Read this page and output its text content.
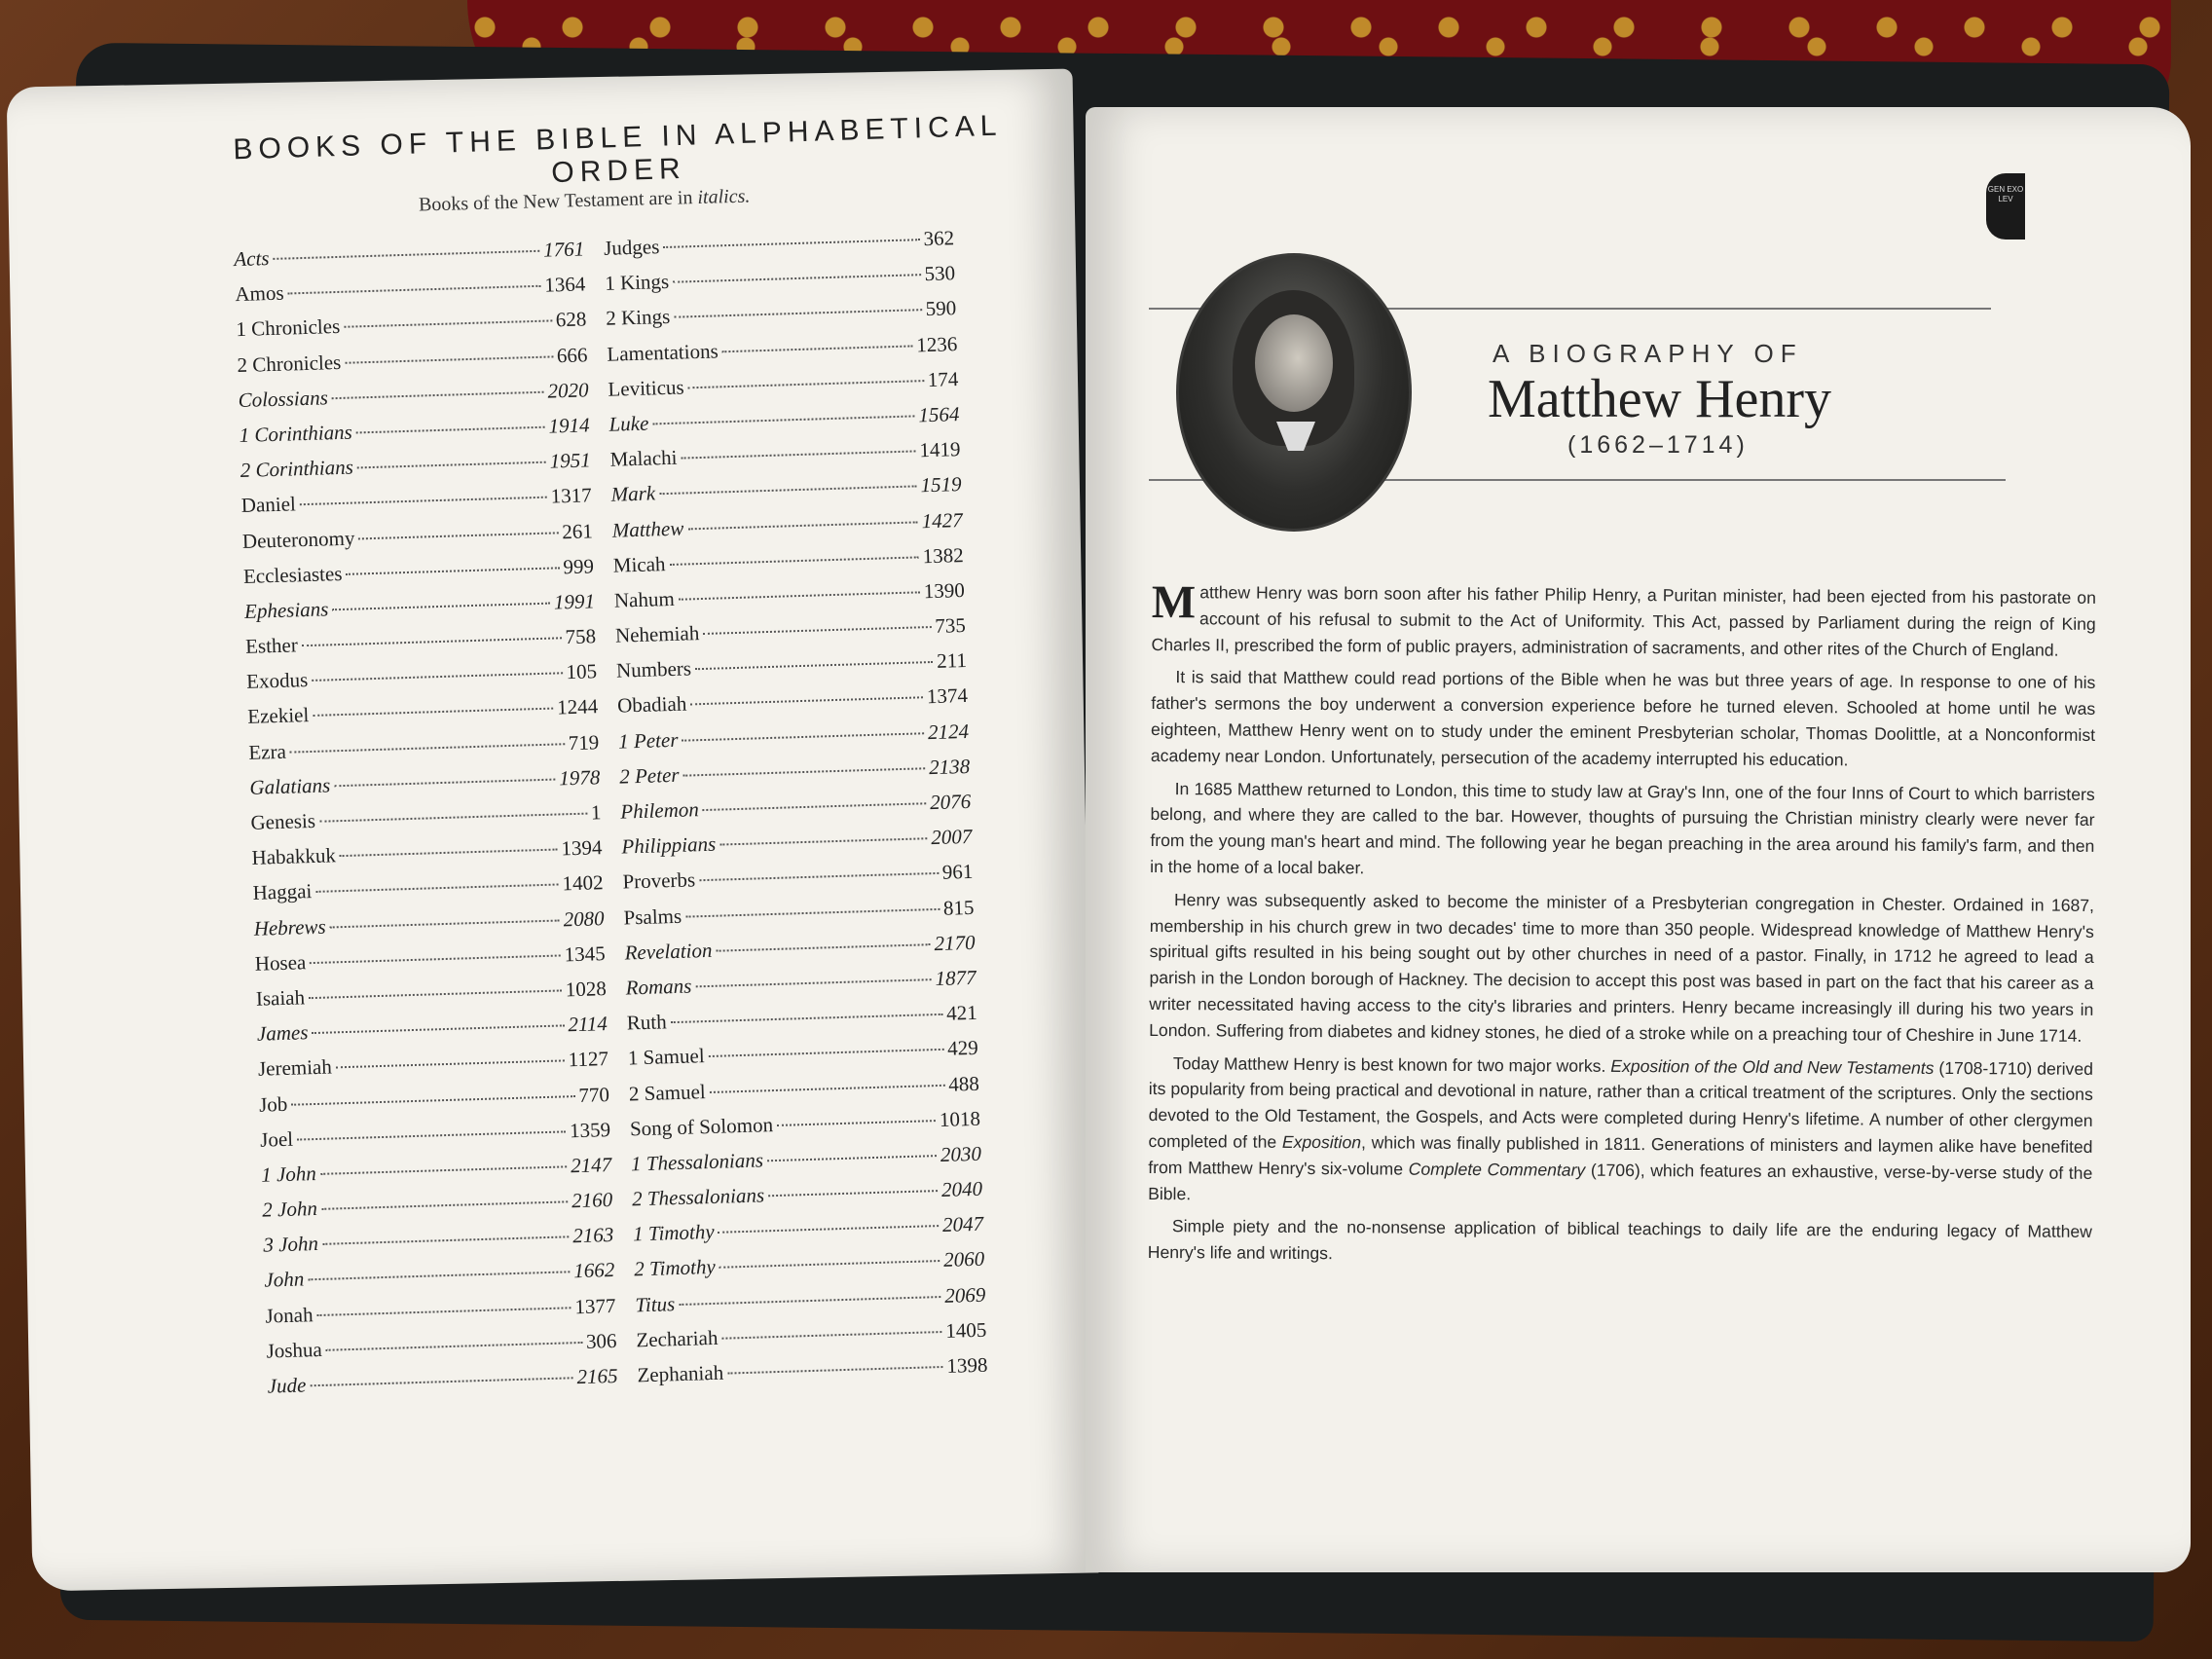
BOOKS OF THE BIBLE IN ALPHABETICAL ORDER
Books of the New Testament are in italics.
Acts	1761
Amos	1364
1 Chronicles	628
2 Chronicles	666
Colossians	2020
1 Corinthians	1914
2 Corinthians	1951
Daniel	1317
Deuteronomy	261
Ecclesiastes	999
Ephesians	1991
Esther	758
Exodus	105
Ezekiel	1244
Ezra	719
Galatians	1978
Genesis	1
Habakkuk	1394
Haggai	1402
Hebrews	2080
Hosea	1345
Isaiah	1028
James	2114
Jeremiah	1127
Job	770
Joel	1359
1 John	2147
2 John	2160
3 John	2163
John	1662
Jonah	1377
Joshua	306
Jude	2165
Judges	362
1 Kings	530
2 Kings	590
Lamentations	1236
Leviticus	174
Luke	1564
Malachi	1419
Mark	1519
Matthew	1427
Micah	1382
Nahum	1390
Nehemiah	735
Numbers	211
Obadiah	1374
1 Peter	2124
2 Peter	2138
Philemon	2076
Philippians	2007
Proverbs	961
Psalms	815
Revelation	2170
Romans	1877
Ruth	421
1 Samuel	429
2 Samuel	488
Song of Solomon	1018
1 Thessalonians	2030
2 Thessalonians	2040
1 Timothy	2047
2 Timothy	2060
Titus	2069
Zechariah	1405
Zephaniah	1398
GEN EXO LEV
A BIOGRAPHY OF
Matthew Henry
(1662–1714)

Matthew Henry was born soon after his father Philip Henry, a Puritan minister, had been ejected from his pastorate on account of his refusal to submit to the Act of Uniformity. This Act, passed by Parliament during the reign of King Charles II, prescribed the form of public prayers, administration of sacraments, and other rites of the Church of England.

It is said that Matthew could read portions of the Bible when he was but three years of age. In response to one of his father's sermons the boy underwent a conversion experience before he turned eleven. Schooled at home until he was eighteen, Matthew Henry went on to study under the eminent Presbyterian scholar, Thomas Doolittle, at a Nonconformist academy near London. Unfortunately, persecution of the academy interrupted his education.

In 1685 Matthew returned to London, this time to study law at Gray's Inn, one of the four Inns of Court to which barristers belong, and where they are called to the bar. However, thoughts of pursuing the Christian ministry clearly were never far from the young man's heart and mind. The following year he began preaching in the area around his family's farm, and then in the home of a local baker.

Henry was subsequently asked to become the minister of a Presbyterian congregation in Chester. Ordained in 1687, membership in his church grew in two decades' time to more than 350 people. Widespread knowledge of Matthew Henry's spiritual gifts resulted in his being sought out by other churches in need of a pastor. Finally, in 1712 he agreed to lead a parish in the London borough of Hackney. The decision to accept this post was based in part on the fact that his career as a writer necessitated having access to the city's libraries and printers. Henry became increasingly ill during his two years in London. Suffering from diabetes and kidney stones, he died of a stroke while on a preaching tour of Cheshire in June 1714.

Today Matthew Henry is best known for two major works. Exposition of the Old and New Testaments (1708-1710) derived its popularity from being practical and devotional in nature, rather than a critical treatment of the scriptures. Only the sections devoted to the Old Testament, the Gospels, and Acts were completed during Henry's lifetime. A number of other clergymen completed of the Exposition, which was finally published in 1811. Generations of ministers and laymen alike have benefited from Matthew Henry's six-volume Complete Commentary (1706), which features an exhaustive, verse-by-verse study of the Bible.

Simple piety and the no-nonsense application of biblical teachings to daily life are the enduring legacy of Matthew Henry's life and writings.
